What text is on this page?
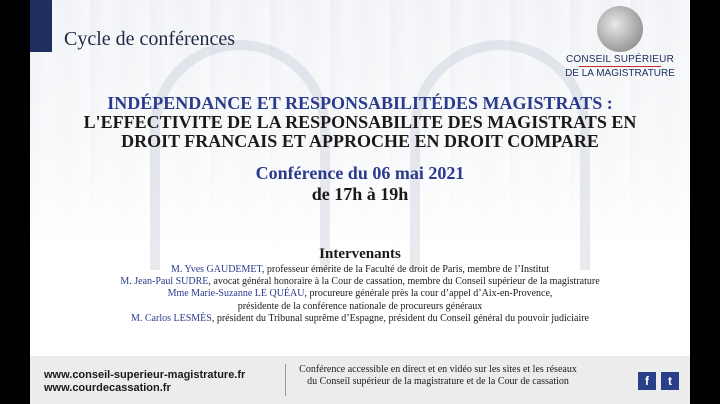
Cycle de conférences
CONSEIL SUPÉRIEUR
DE LA MAGISTRATURE
INDÉPENDANCE ET RESPONSABILITÉDES MAGISTRATS :
L'EFFECTIVITE DE LA RESPONSABILITE DES MAGISTRATS EN
DROIT FRANCAIS ET APPROCHE EN DROIT COMPARE
Conférence du 06 mai 2021
de 17h à 19h
Intervenants
M. Yves GAUDEMET, professeur émérite de la Faculté de droit de Paris, membre de l’Institut
M. Jean-Paul SUDRE, avocat général honoraire à la Cour de cassation, membre du Conseil supérieur de la magistrature
Mme Marie-Suzanne LE QUÉAU, procureure générale près la cour d’appel d’Aix-en-Provence,
présidente de la conférence nationale de procureurs généraux
M. Carlos LESMÈS, président du Tribunal suprême d’Espagne, président du Conseil général du pouvoir judiciaire
www.conseil-superieur-magistrature.fr
www.courdecassation.fr
Conférence accessible en direct et en vidéo sur les sites et les réseaux
du Conseil supérieur de la magistrature et de la Cour de cassation	f	t
